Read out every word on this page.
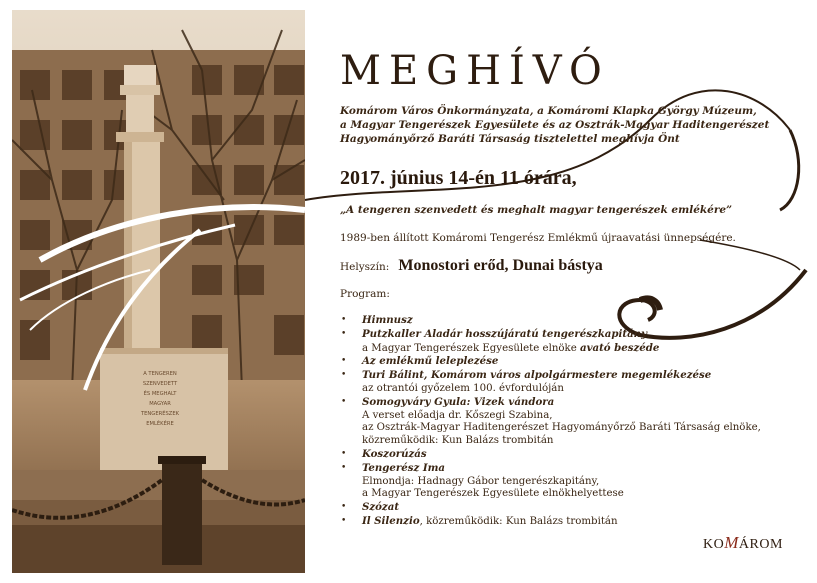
A TENGEREN
SZENVEDETT
ÉS MEGHALT
MAGYAR
TENGERÉSZEK
EMLÉKÉRE
MEGHÍVÓ
Komárom Város Önkormányzata, a Komáromi Klapka György Múzeum,
a Magyar Tengerészek Egyesülete és az Osztrák-Magyar Haditengerészet
Hagyományőrző Baráti Társaság tisztelettel meghívja Önt
2017. június 14-én 11 órára,
„A tengeren szenvedett és meghalt magyar tengerészek emlékére”
1989-ben állított Komáromi Tengerész Emlékmű újraavatási ünnepségére.
Helyszín: Monostori erőd, Dunai bástya
Program:
• Himnusz
• Putzkaller Aladár hosszújáratú tengerészkapitány,
a Magyar Tengerészek Egyesülete elnöke avató beszéde
• Az emlékmű leleplezése
• Turi Bálint, Komárom város alpolgármestere megemlékezése
az otrantói győzelem 100. évfordulóján
• Somogyváry Gyula: Vizek vándora
A verset előadja dr. Kőszegi Szabina,
az Osztrák-Magyar Haditengerészet Hagyományőrző Baráti Társaság elnöke,
közreműködik: Kun Balázs trombitán
• Koszorúzás
• Tengerész Ima
Elmondja: Hadnagy Gábor tengerészkapitány,
a Magyar Tengerészek Egyesülete elnökhelyettese
• Szózat
• Il Silenzio, közreműködik: Kun Balázs trombitán
KOMÁROM
